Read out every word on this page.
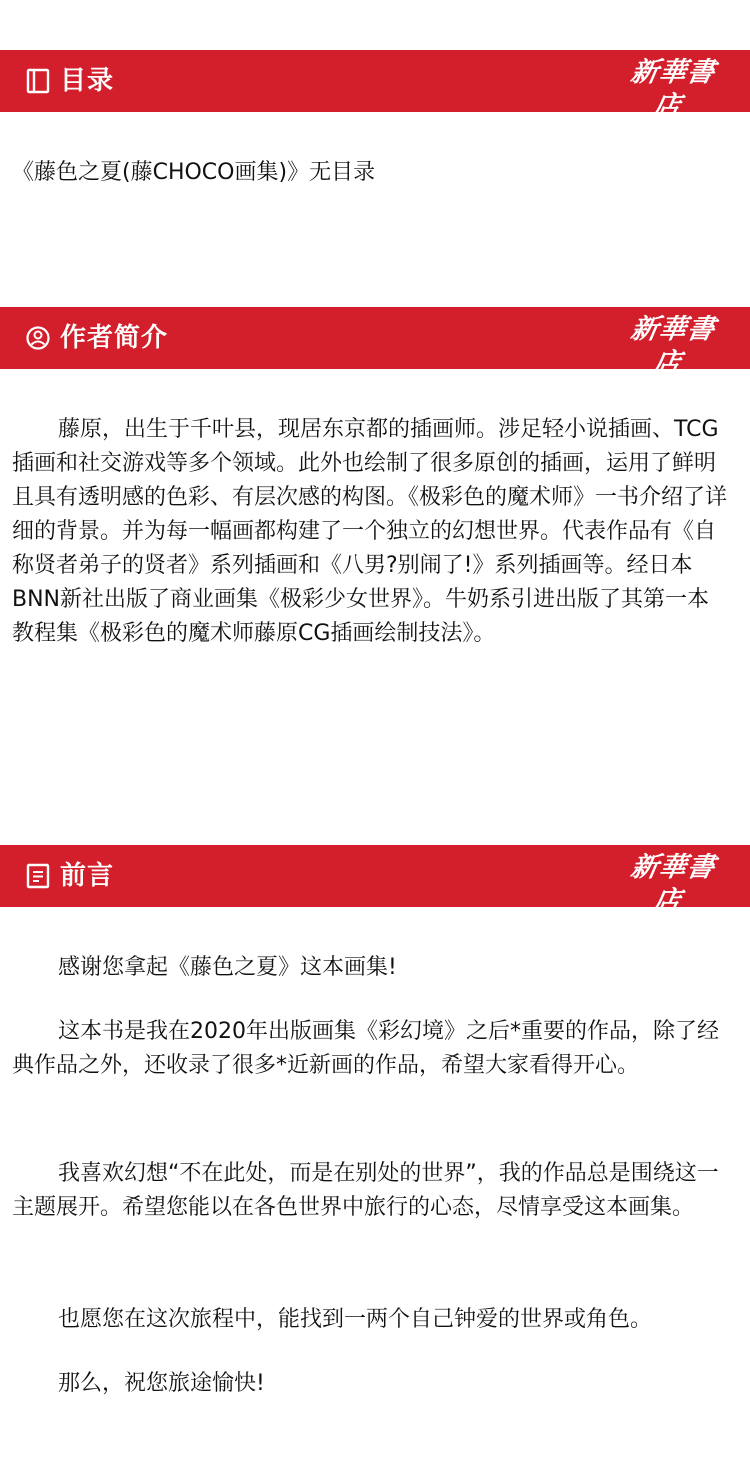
目录	新華書店
XINHUA BOOKSTORE

《藤色之夏(藤CHOCO画集)》无目录

作者简介	新華書店
XINHUA BOOKSTORE

藤原，出生于千叶县，现居东京都的插画师。涉足轻小说插画、TCG插画和社交游戏等多个领域。此外也绘制了很多原创的插画，运用了鲜明且具有透明感的色彩、有层次感的构图。《极彩色的魔术师》一书介绍了详细的背景。并为每一幅画都构建了一个独立的幻想世界。代表作品有《自称贤者弟子的贤者》系列插画和《八男?别闹了!》系列插画等。经日本BNN新社出版了商业画集《极彩少女世界》。牛奶系引进出版了其第一本教程集《极彩色的魔术师藤原CG插画绘制技法》。

前言	新華書店
XINHUA BOOKSTORE

感谢您拿起《藤色之夏》这本画集!

这本书是我在2020年出版画集《彩幻境》之后*重要的作品，除了经典作品之外，还收录了很多*近新画的作品，希望大家看得开心。

我喜欢幻想“不在此处，而是在别处的世界”，我的作品总是围绕这一主题展开。希望您能以在各色世界中旅行的心态，尽情享受这本画集。

也愿您在这次旅程中，能找到一两个自己钟爱的世界或角色。

那么，祝您旅途愉快!
